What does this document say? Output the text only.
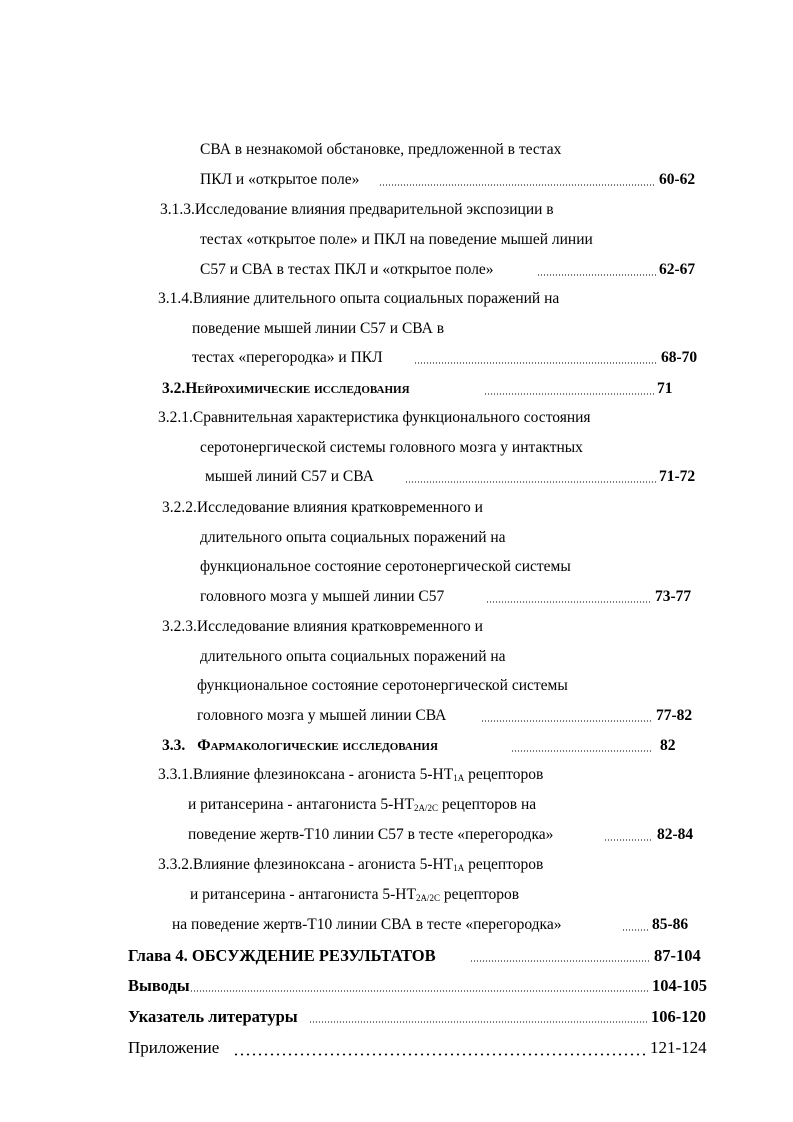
СВА в незнакомой обстановке, предложенной в тестах
ПКЛ и «открытое поле»	60-62
3.1.3.Исследование влияния предварительной экспозиции в
тестах «открытое поле» и ПКЛ на поведение мышей линии
С57 и СВА в тестах ПКЛ и «открытое поле»	62-67
3.1.4.Влияние длительного опыта социальных поражений на
поведение мышей линии С57 и СВА в
тестах «перегородка» и ПКЛ	68-70
3.2.Нейрохимические исследования	71
3.2.1.Сравнительная характеристика функционального состояния
серотонергической системы головного мозга у интактных
мышей линий С57 и СВА	71-72
3.2.2.Исследование влияния кратковременного и
длительного опыта социальных поражений на
функциональное состояние серотонергической системы
головного мозга у мышей линии С57	73-77
3.2.3.Исследование влияния кратковременного и
длительного опыта социальных поражений на
функциональное состояние серотонергической системы
головного мозга у мышей линии СВА	77-82
3.3. Фармакологические исследования	82
3.3.1.Влияние флезиноксана - агониста $5-НТ_{1А}$ рецепторов
и ритансерина - антагониста $5-НТ_{2A/2C}$ рецепторов на
поведение жертв-Т10 линии С57 в тесте «перегородка»	82-84
3.3.2.Влияние флезиноксана - агониста $5-НТ_{1А}$ рецепторов
и ритансерина - антагониста $5-НТ_{2A/2C}$ рецепторов
на поведение жертв-Т10 линии СВА в тесте «перегородка»	85-86
Глава 4. ОБСУЖДЕНИЕ РЕЗУЛЬТАТОВ	87-104
Выводы	104-105
Указатель литературы	106-120
Приложение	121-124
